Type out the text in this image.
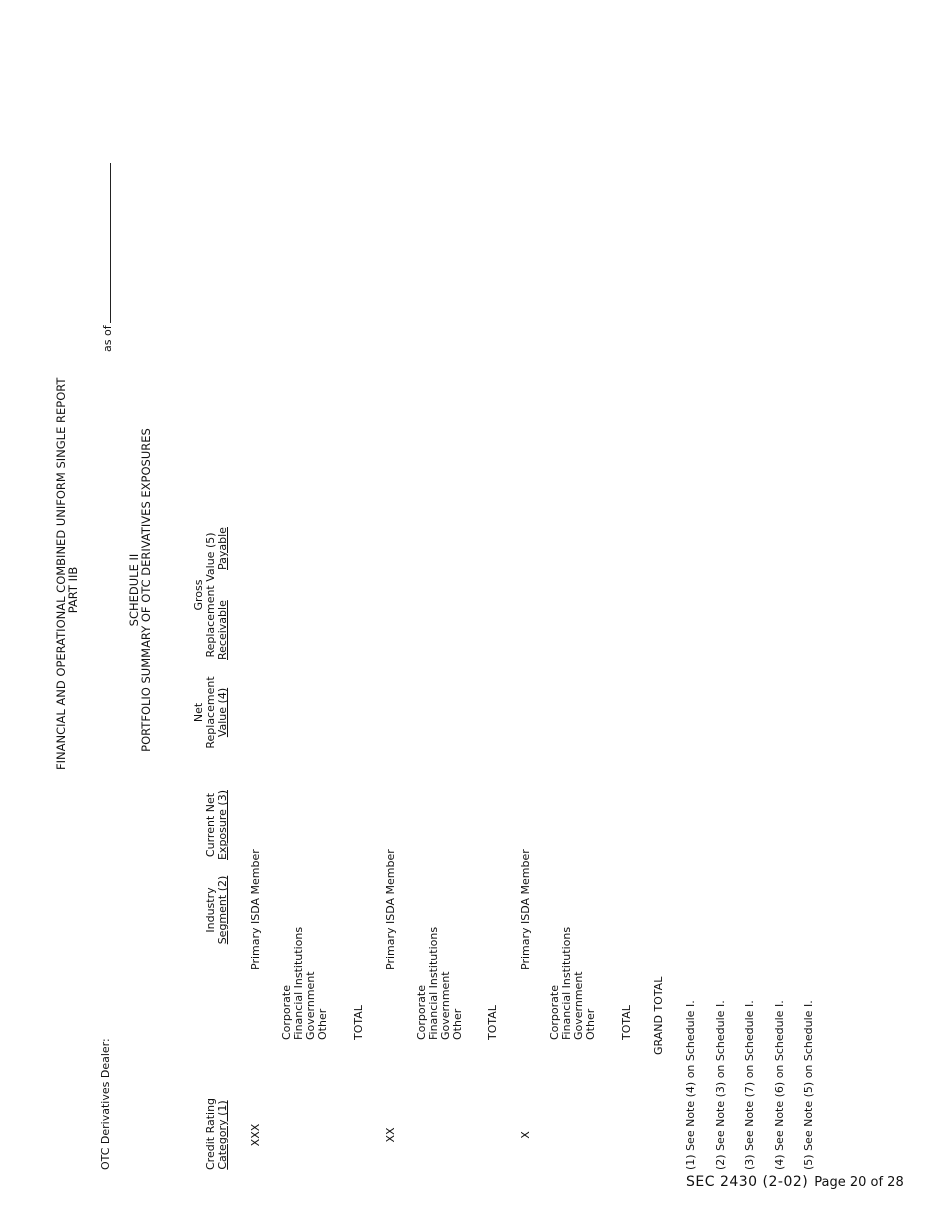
FINANCIAL AND OPERATIONAL COMBINED UNIFORM SINGLE REPORT
PART IIB
as of
SCHEDULE II
PORTFOLIO SUMMARY OF OTC DERIVATIVES EXPOSURES
OTC Derivatives Dealer:	Credit Rating Category (1)
Industry Segment (2)
Current Net Exposure (3)
Net Replacement Value (4)
Gross Replacement Value (5) Receivable
Payable
XXX
Primary ISDA Member
Corporate Financial Institutions Government Other TOTAL
XX
Primary ISDA Member
Corporate Financial Institutions Government Other TOTAL
X
Primary ISDA Member
Corporate Financial Institutions Government Other TOTAL GRAND TOTAL (1) See Note (4) on Schedule I. (2) See Note (3) on Schedule I. (3) See Note (7) on Schedule I. (4) See Note (6) on Schedule I. (5) See Note (5) on Schedule I.
SEC 2430 (2-02) Page 20 of 28
